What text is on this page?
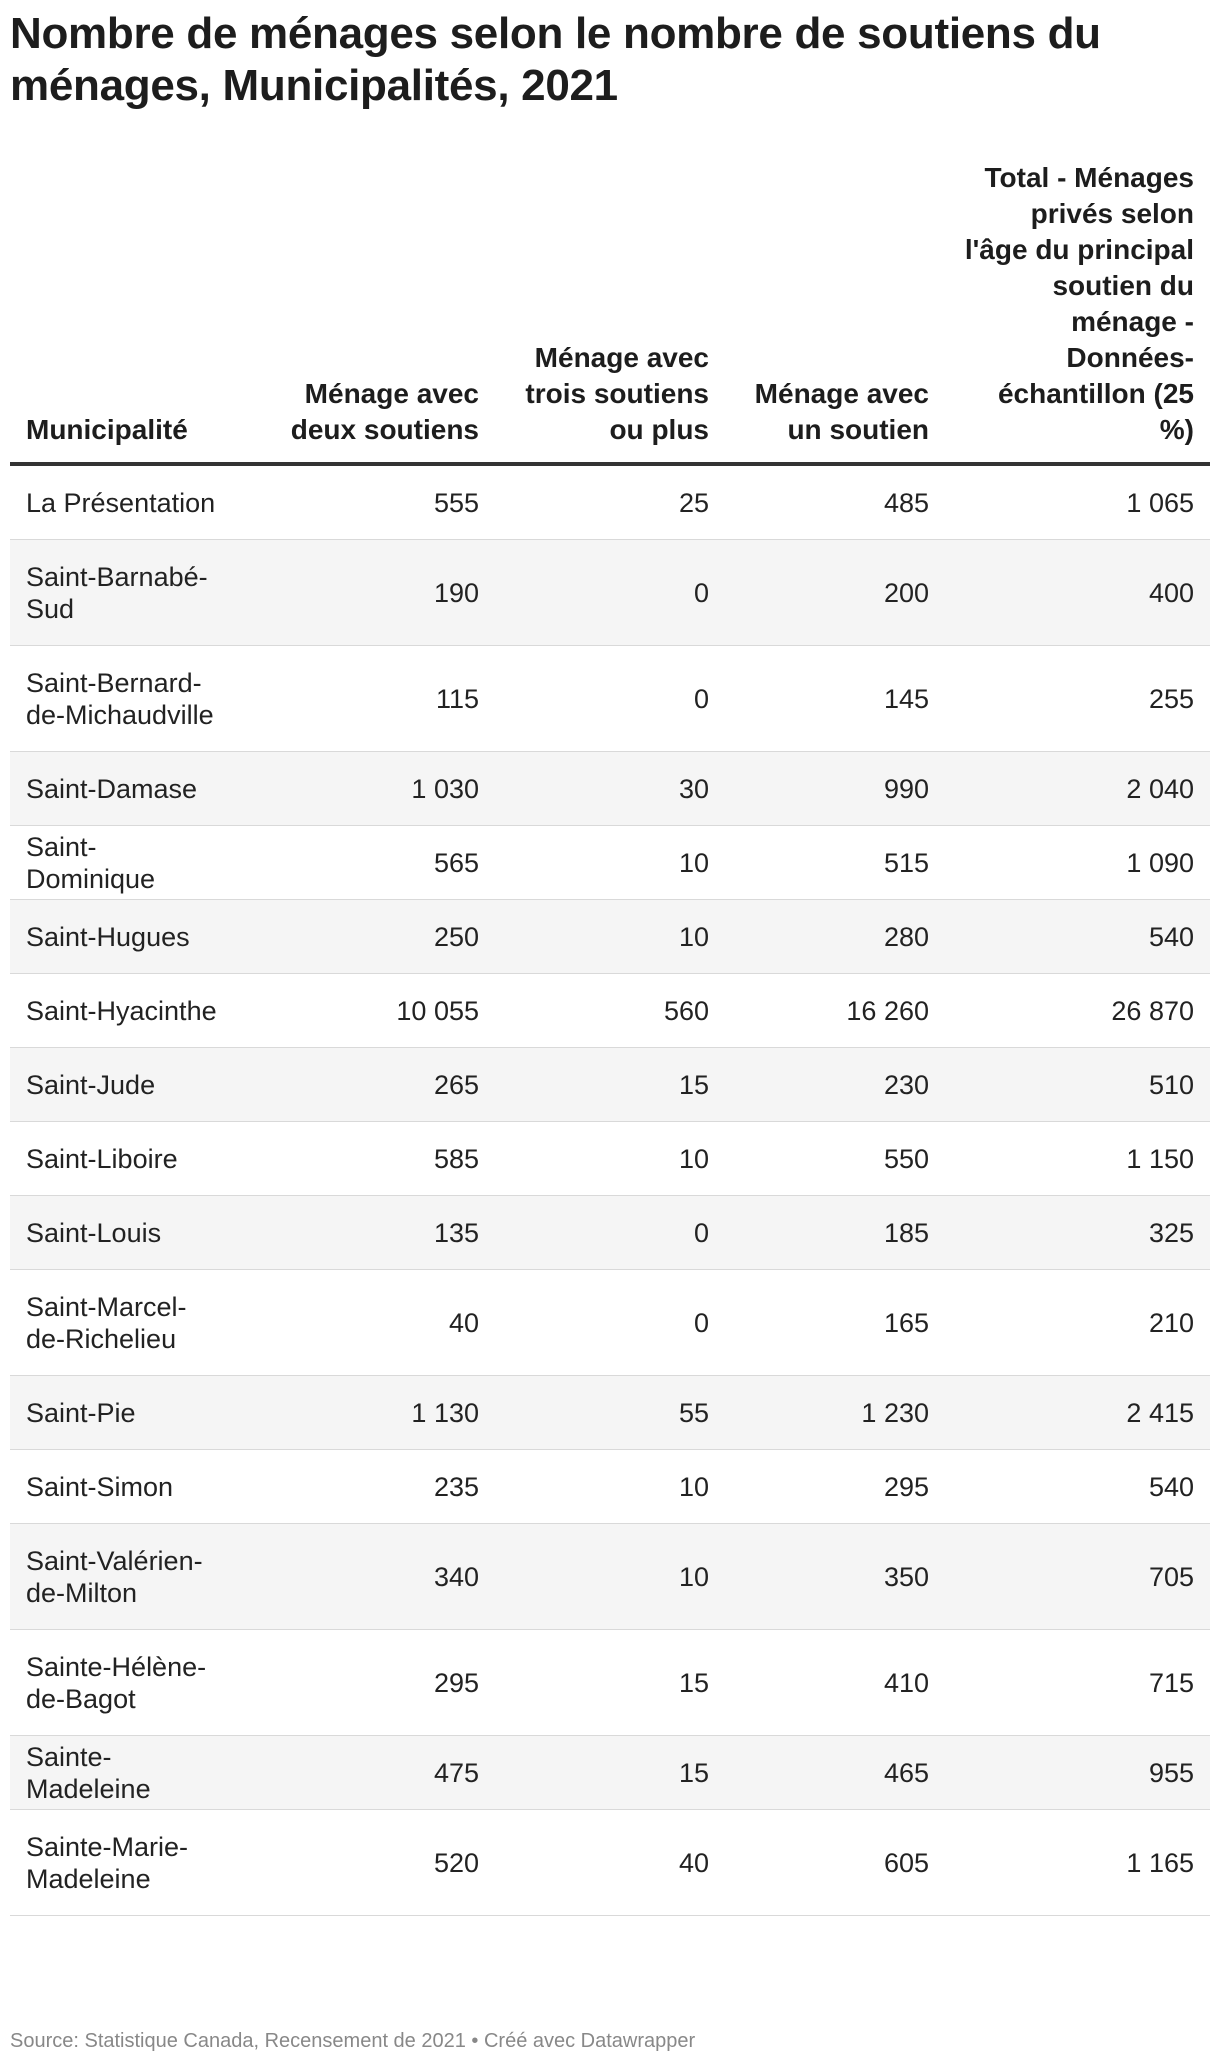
Nombre de ménages selon le nombre de soutiens du ménages, Municipalités, 2021
Municipalité	Ménage avec deux soutiens	Ménage avec trois soutiens ou plus	Ménage avec un soutien	Total - Ménages privés selon l'âge du principal soutien du ménage - Données-échantillon (25 %)
La Présentation	555	25	485	1 065
Saint-Barnabé-Sud	190	0	200	400
Saint-Bernard-de-Michaudville	115	0	145	255
Saint-Damase	1 030	30	990	2 040
Saint-Dominique	565	10	515	1 090
Saint-Hugues	250	10	280	540
Saint-Hyacinthe	10 055	560	16 260	26 870
Saint-Jude	265	15	230	510
Saint-Liboire	585	10	550	1 150
Saint-Louis	135	0	185	325
Saint-Marcel-de-Richelieu	40	0	165	210
Saint-Pie	1 130	55	1 230	2 415
Saint-Simon	235	10	295	540
Saint-Valérien-de-Milton	340	10	350	705
Sainte-Hélène-de-Bagot	295	15	410	715
Sainte-Madeleine	475	15	465	955
Sainte-Marie-Madeleine	520	40	605	1 165
Source: Statistique Canada, Recensement de 2021 • Créé avec Datawrapper
